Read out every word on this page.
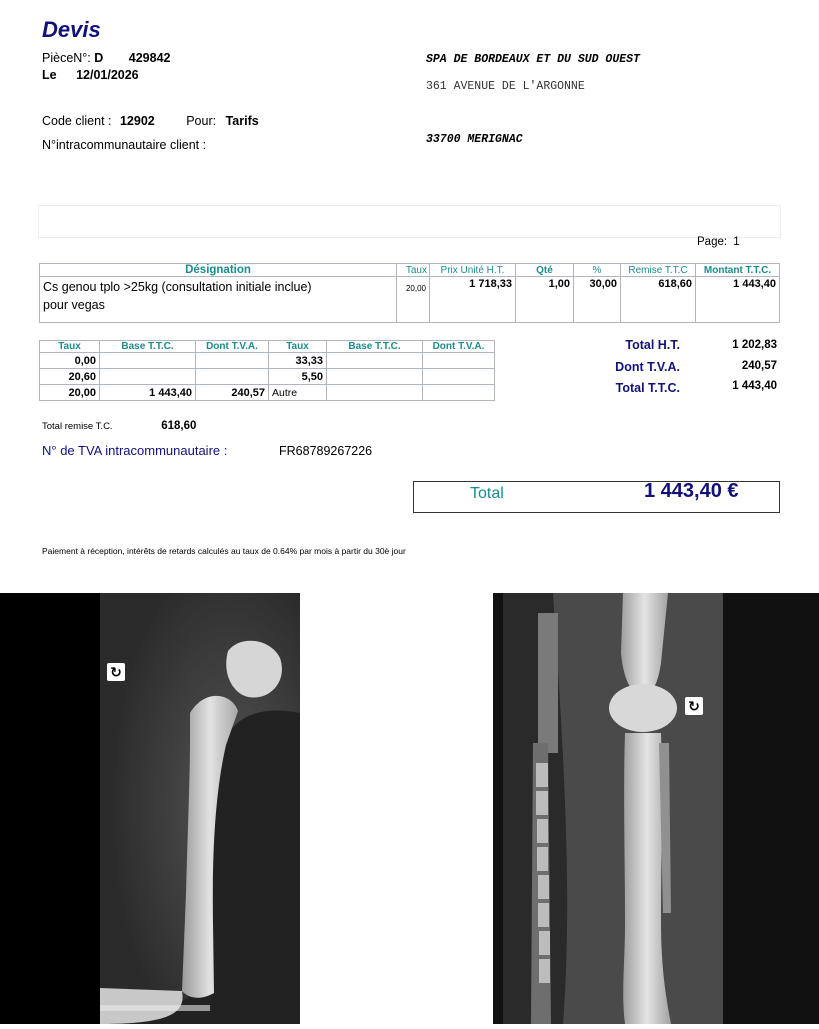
Devis
PièceN°: D 429842
Le 12/01/2026
Code client : 12902	Pour: Tarifs
N°intracommunautaire client :
SPA DE BORDEAUX ET DU SUD OUEST
361 AVENUE DE L'ARGONNE
33700 MERIGNAC
Page: 1
Désignation	Taux	Prix Unité H.T.	Qté	%	Remise T.T.C	Montant T.T.C.

Cs genou tplo >25kg (consultation initiale inclue)
pour vegas	20,00	1 718,33	1,00	30,00	618,60	1 443,40
Taux	Base T.T.C.	Dont T.V.A.	Taux	Base T.T.C.	Dont T.V.A.
0,00			33,33		
20,60			5,50		
20,00	1 443,40	240,57	Autre		
Total H.T.	1 202,83
Dont T.V.A.	240,57
Total T.T.C.	1 443,40
Total remise T.C.	618,60
N° de TVA intracommunautaire :	FR68789267226
Total	1 443,40 €
Paiement à réception, intérêts de retards calculés au taux de 0.64% par mois à partir du 30è jour
↻
↻
